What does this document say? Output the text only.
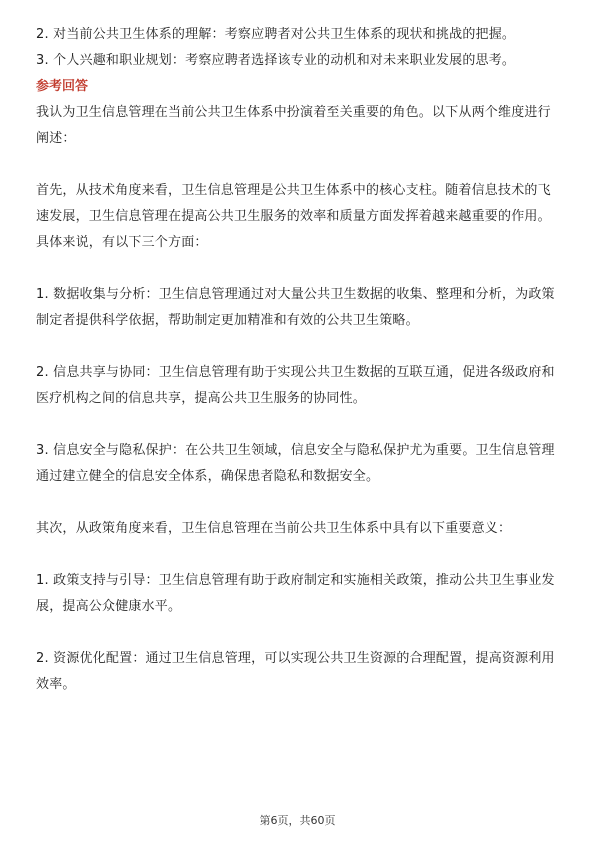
2. 对当前公共卫生体系的理解：考察应聘者对公共卫生体系的现状和挑战的把握。

3. 个人兴趣和职业规划：考察应聘者选择该专业的动机和对未来职业发展的思考。

参考回答

我认为卫生信息管理在当前公共卫生体系中扮演着至关重要的角色。以下从两个维度进行阐述：

首先，从技术角度来看，卫生信息管理是公共卫生体系中的核心支柱。随着信息技术的飞速发展，卫生信息管理在提高公共卫生服务的效率和质量方面发挥着越来越重要的作用。具体来说，有以下三个方面：

1. 数据收集与分析：卫生信息管理通过对大量公共卫生数据的收集、整理和分析，为政策制定者提供科学依据，帮助制定更加精准和有效的公共卫生策略。

2. 信息共享与协同：卫生信息管理有助于实现公共卫生数据的互联互通，促进各级政府和医疗机构之间的信息共享，提高公共卫生服务的协同性。

3. 信息安全与隐私保护：在公共卫生领域，信息安全与隐私保护尤为重要。卫生信息管理通过建立健全的信息安全体系，确保患者隐私和数据安全。

其次，从政策角度来看，卫生信息管理在当前公共卫生体系中具有以下重要意义：

1. 政策支持与引导：卫生信息管理有助于政府制定和实施相关政策，推动公共卫生事业发展，提高公众健康水平。

2. 资源优化配置：通过卫生信息管理，可以实现公共卫生资源的合理配置，提高资源利用效率。

第6页，共60页
